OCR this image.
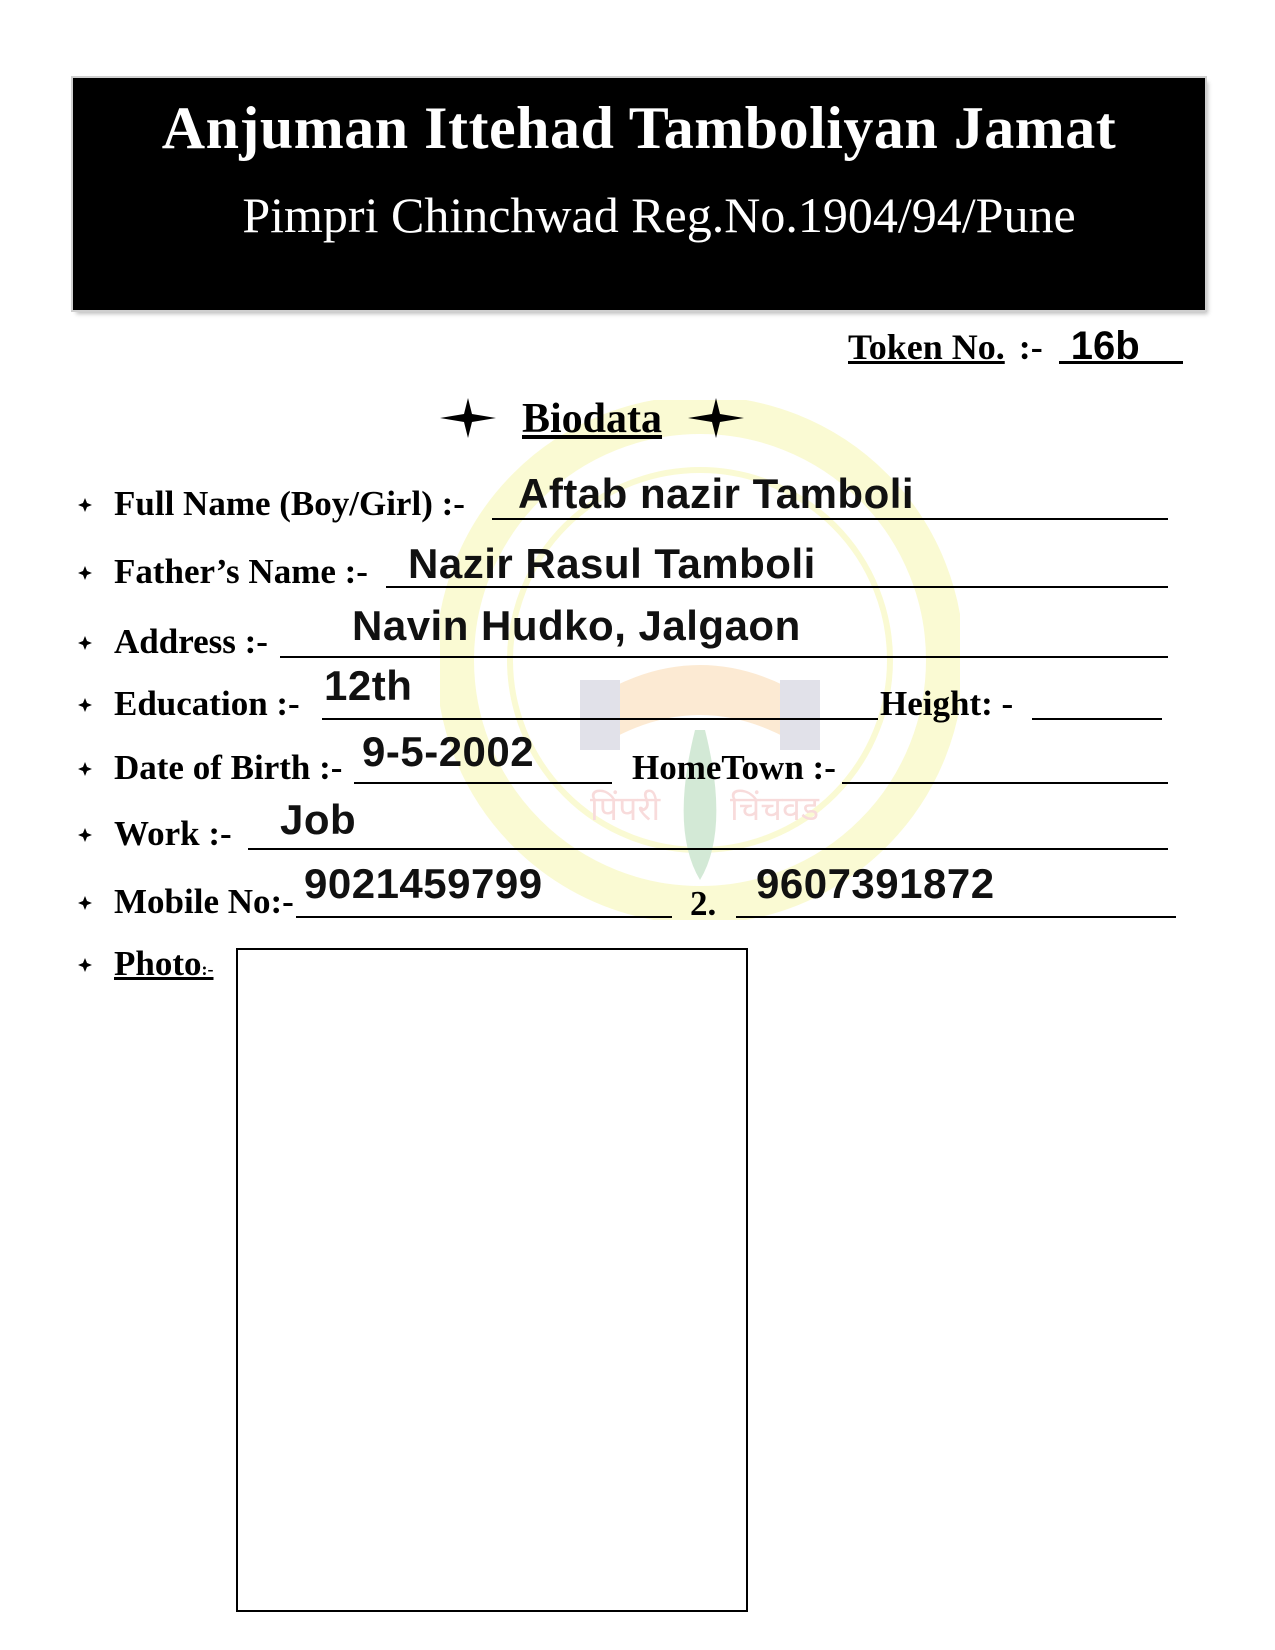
पिंपरी चिंचवड
Anjuman Ittehad Tamboliyan Jamat
Pimpri Chinchwad Reg.No.1904/94/Pune
Token No. :- 16b
Biodata
Full Name (Boy/Girl) :- Aftab nazir Tamboli
Father’s Name :- Nazir Rasul Tamboli
Address :- Navin Hudko, Jalgaon
Education :- 12th	Height: -
Date of Birth :- 9-5-2002	HomeTown :-
Work :- Job
Mobile No:- 9021459799	2. 9607391872
Photo:-
